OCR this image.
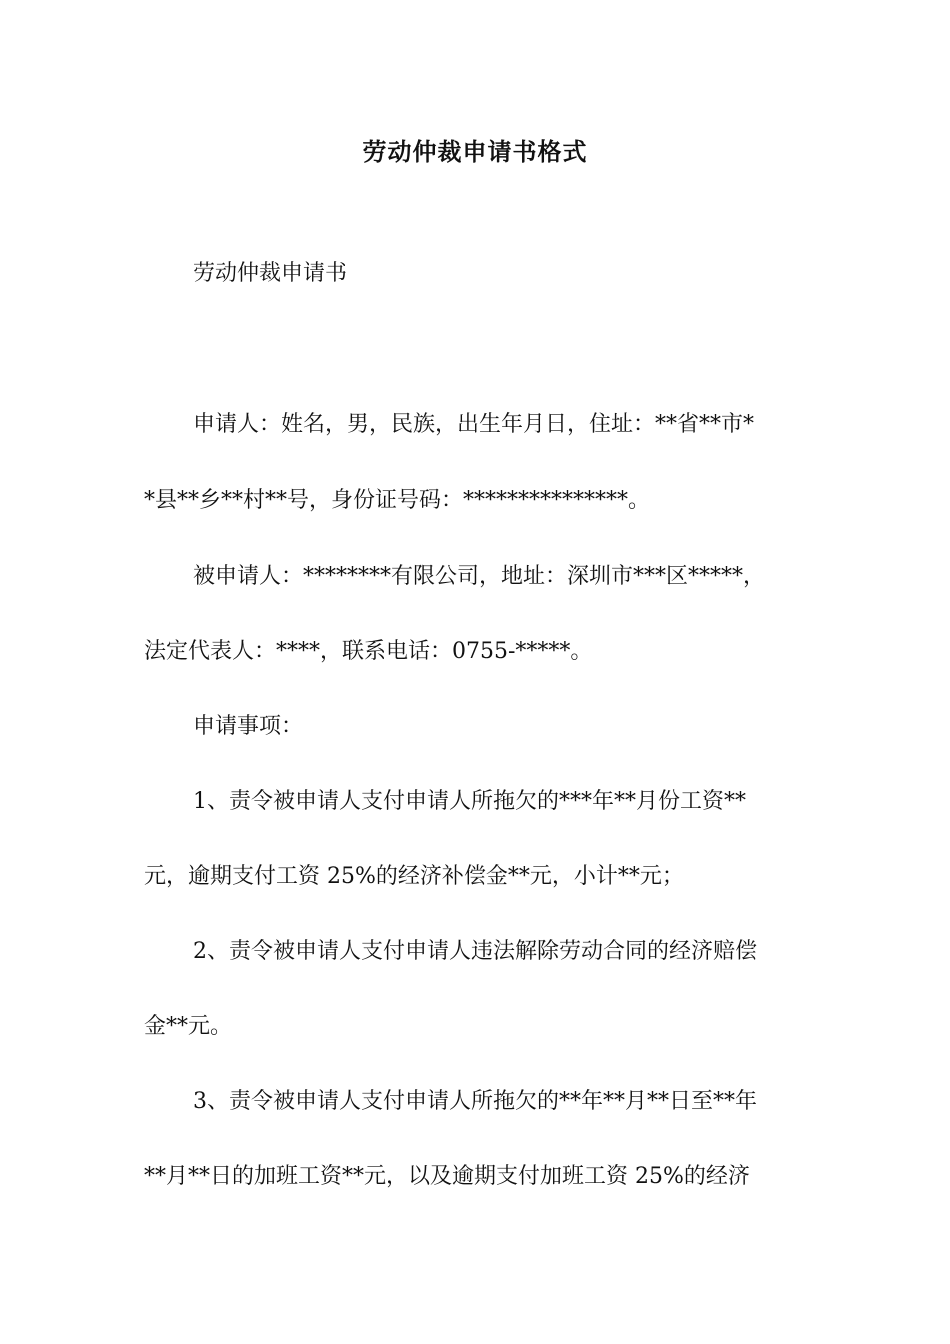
劳动仲裁申请书格式

劳动仲裁申请书

申请人：姓名，男，民族，出生年月日，住址：**省**市*

*县**乡**村**号，身份证号码：***************。

被申请人：********有限公司，地址：深圳市***区*****，

法定代表人：****，联系电话：0755-*****。

申请事项：

1、责令被申请人支付申请人所拖欠的***年**月份工资**

元，逾期支付工资 25%的经济补偿金**元，小计**元；

2、责令被申请人支付申请人违法解除劳动合同的经济赔偿

金**元。

3、责令被申请人支付申请人所拖欠的**年**月**日至**年

**月**日的加班工资**元，以及逾期支付加班工资 25%的经济
